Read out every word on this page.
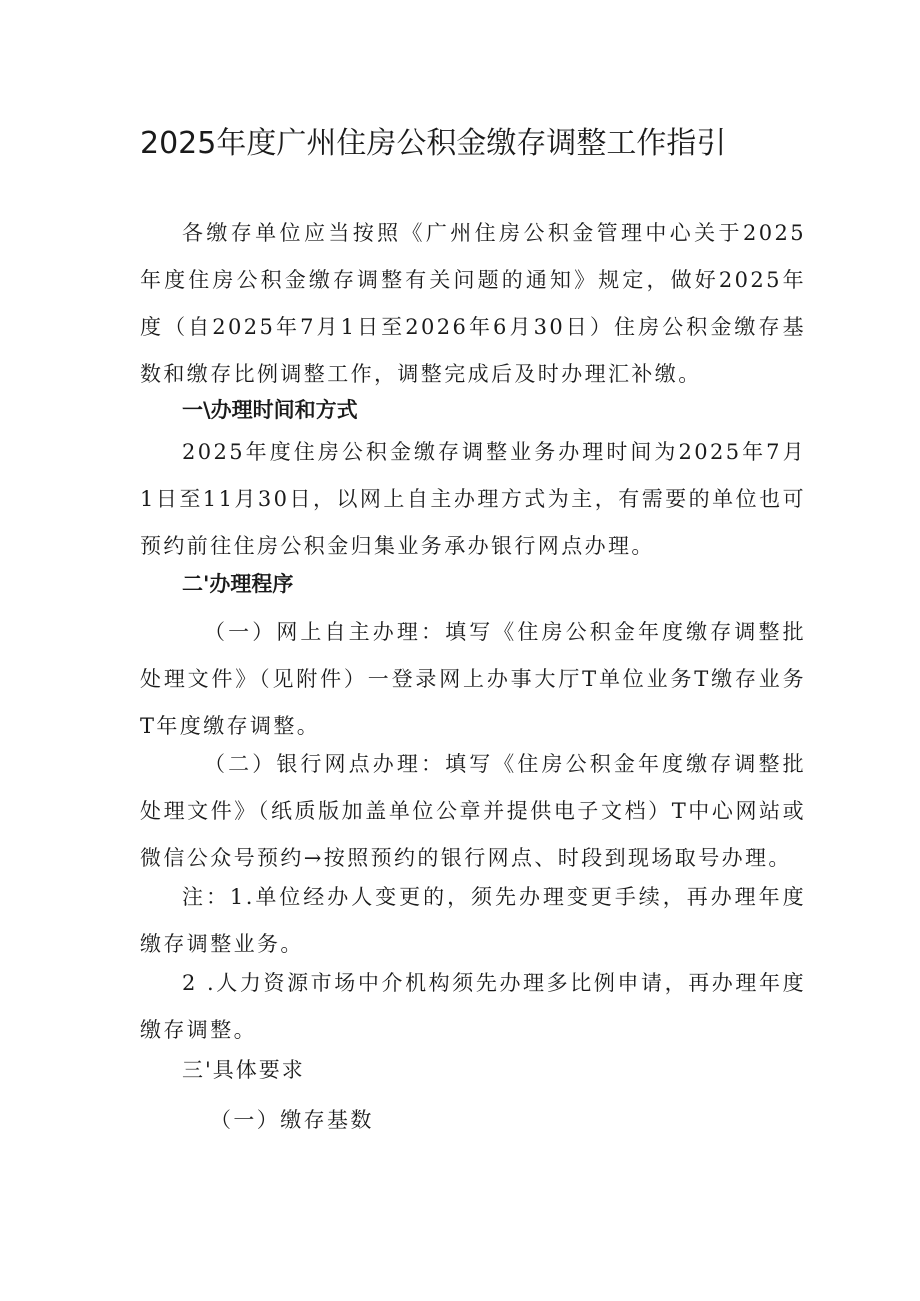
2025年度广州住房公积金缴存调整工作指引

各缴存单位应当按照《广州住房公积金管理中心关于2025年度住房公积金缴存调整有关问题的通知》规定，做好2025年度（自2025年7月1日至2026年6月30日）住房公积金缴存基数和缴存比例调整工作，调整完成后及时办理汇补缴。

一\办理时间和方式

2025年度住房公积金缴存调整业务办理时间为2025年7月1日至11月30日，以网上自主办理方式为主，有需要的单位也可预约前往住房公积金归集业务承办银行网点办理。

二'办理程序

（一）网上自主办理：填写《住房公积金年度缴存调整批处理文件》（见附件）一登录网上办事大厅T单位业务T缴存业务T年度缴存调整。

（二）银行网点办理：填写《住房公积金年度缴存调整批处理文件》（纸质版加盖单位公章并提供电子文档）T中心网站或微信公众号预约→按照预约的银行网点、时段到现场取号办理。

注：1.单位经办人变更的，须先办理变更手续，再办理年度缴存调整业务。

2 .人力资源市场中介机构须先办理多比例申请，再办理年度缴存调整。

三'具体要求

（一）缴存基数
